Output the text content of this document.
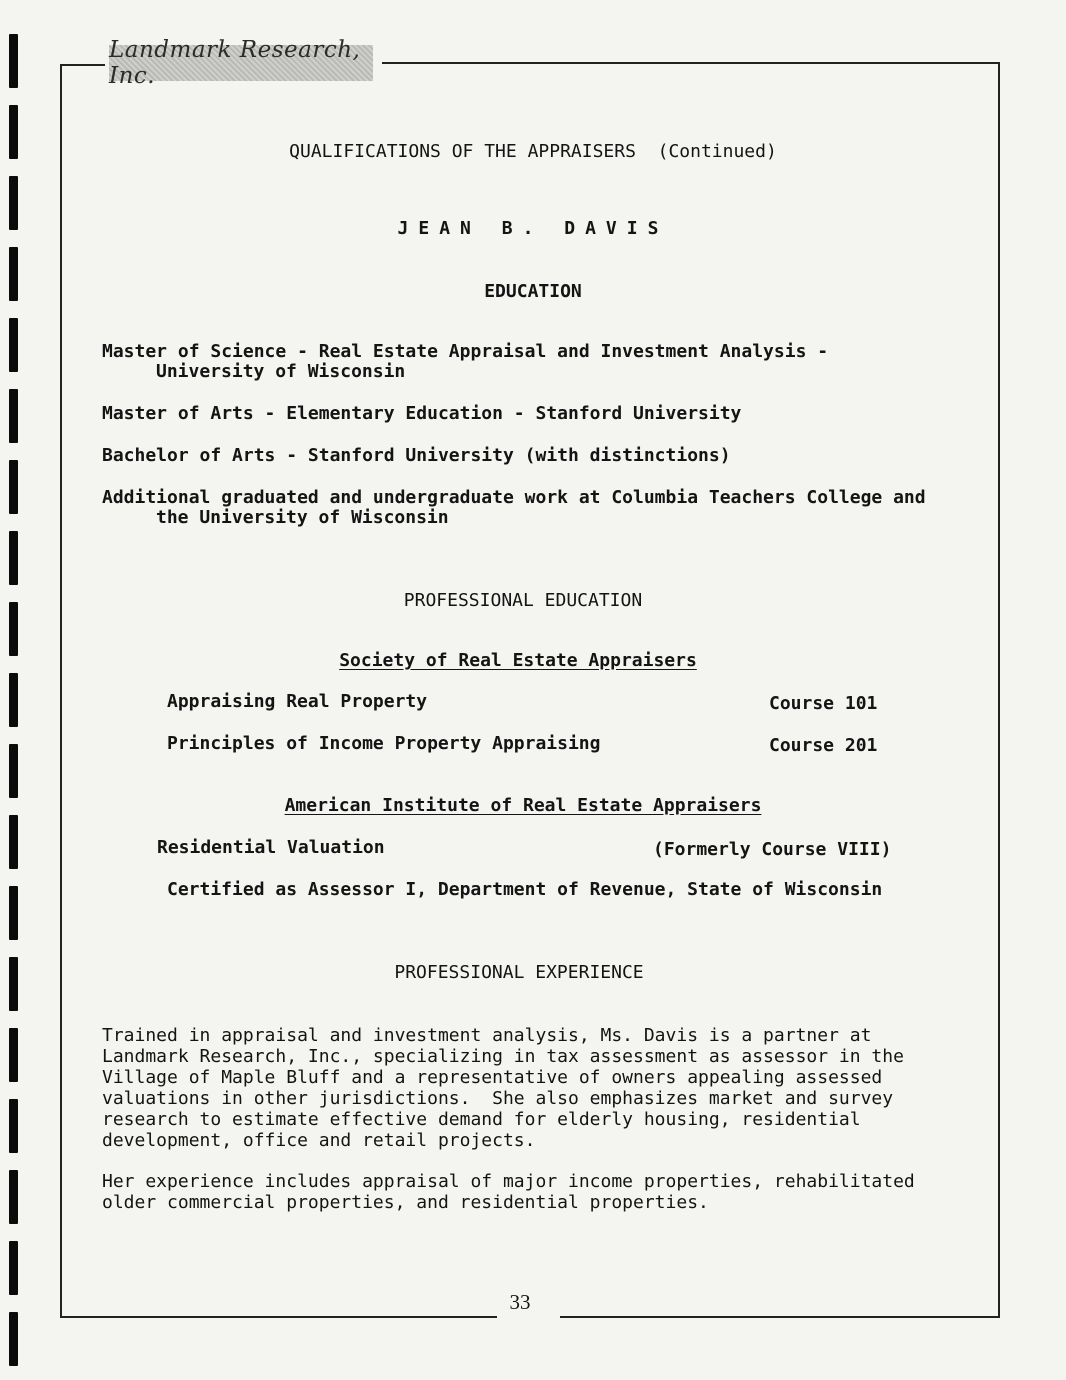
Landmark Research, Inc.
QUALIFICATIONS OF THE APPRAISERS  (Continued)
JEAN B. DAVIS
EDUCATION
Master of Science - Real Estate Appraisal and Investment Analysis -
University of Wisconsin
Master of Arts - Elementary Education - Stanford University
Bachelor of Arts - Stanford University (with distinctions)
Additional graduated and undergraduate work at Columbia Teachers College and
the University of Wisconsin
PROFESSIONAL EDUCATION
Society of Real Estate Appraisers
Appraising Real Property	Course 101
Principles of Income Property Appraising	Course 201
American Institute of Real Estate Appraisers
Residential Valuation	(Formerly Course VIII)
Certified as Assessor I, Department of Revenue, State of Wisconsin
PROFESSIONAL EXPERIENCE
Trained in appraisal and investment analysis, Ms. Davis is a partner at
Landmark Research, Inc., specializing in tax assessment as assessor in the
Village of Maple Bluff and a representative of owners appealing assessed
valuations in other jurisdictions.  She also emphasizes market and survey
research to estimate effective demand for elderly housing, residential
development, office and retail projects.
Her experience includes appraisal of major income properties, rehabilitated
older commercial properties, and residential properties.
33
